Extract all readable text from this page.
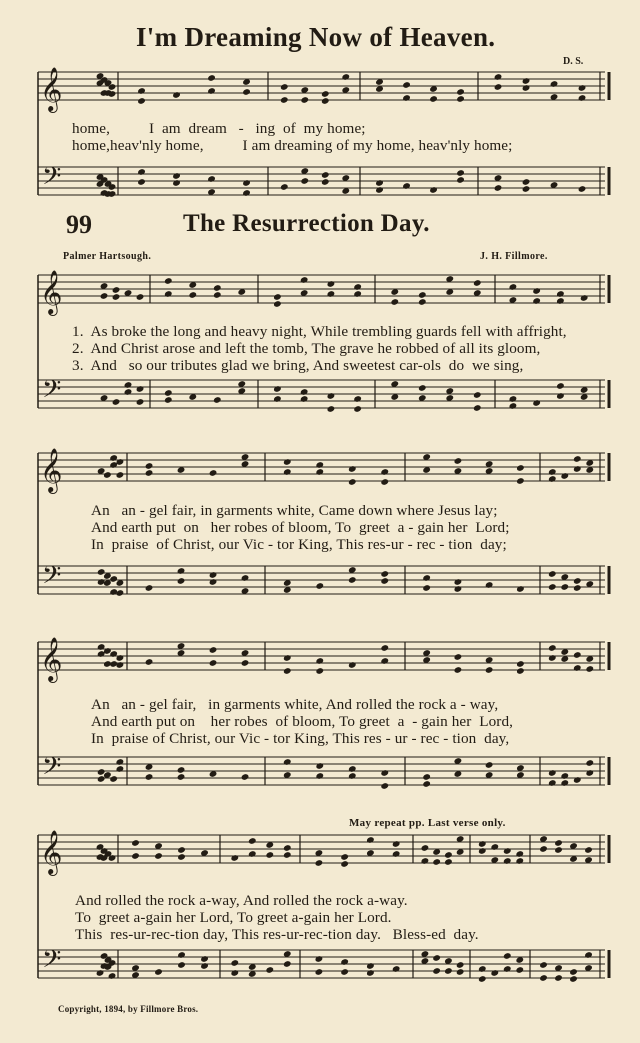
𝄞
𝄢
𝄞
𝄢
𝄞
𝄢
𝄞
𝄢
𝄞
𝄢
I'm Dreaming Now of Heaven.
D. S.
home,          I  am  dream   -   ing  of  my home;
home,heav'nly home,          I am dreaming of my home, heav'nly home;
99	The Resurrection Day.
Palmer Hartsough.	J. H. Fillmore.
1.  As broke the long and heavy night, While trembling guards fell with affright,
2.  And Christ arose and left the tomb, The grave he robbed of all its gloom,
3.  And   so our tributes glad we bring, And sweetest car-ols  do  we sing,
An   an - gel fair, in garments white, Came down where Jesus lay;
And earth put  on   her robes of bloom, To  greet  a - gain her  Lord;
In  praise  of Christ, our Vic - tor King, This res-ur - rec - tion  day;
An   an - gel fair,   in garments white, And rolled the rock a - way,
And earth put on    her robes  of bloom, To greet  a  - gain her  Lord,
In  praise of Christ, our Vic - tor King, This res - ur - rec - tion  day,
May repeat pp. Last verse only.
And rolled the rock a-way, And rolled the rock a-way.
To  greet a-gain her Lord, To greet a-gain her Lord.
This  res-ur-rec-tion day, This res-ur-rec-tion day.   Bless-ed  day.
Copyright, 1894, by Fillmore Bros.
